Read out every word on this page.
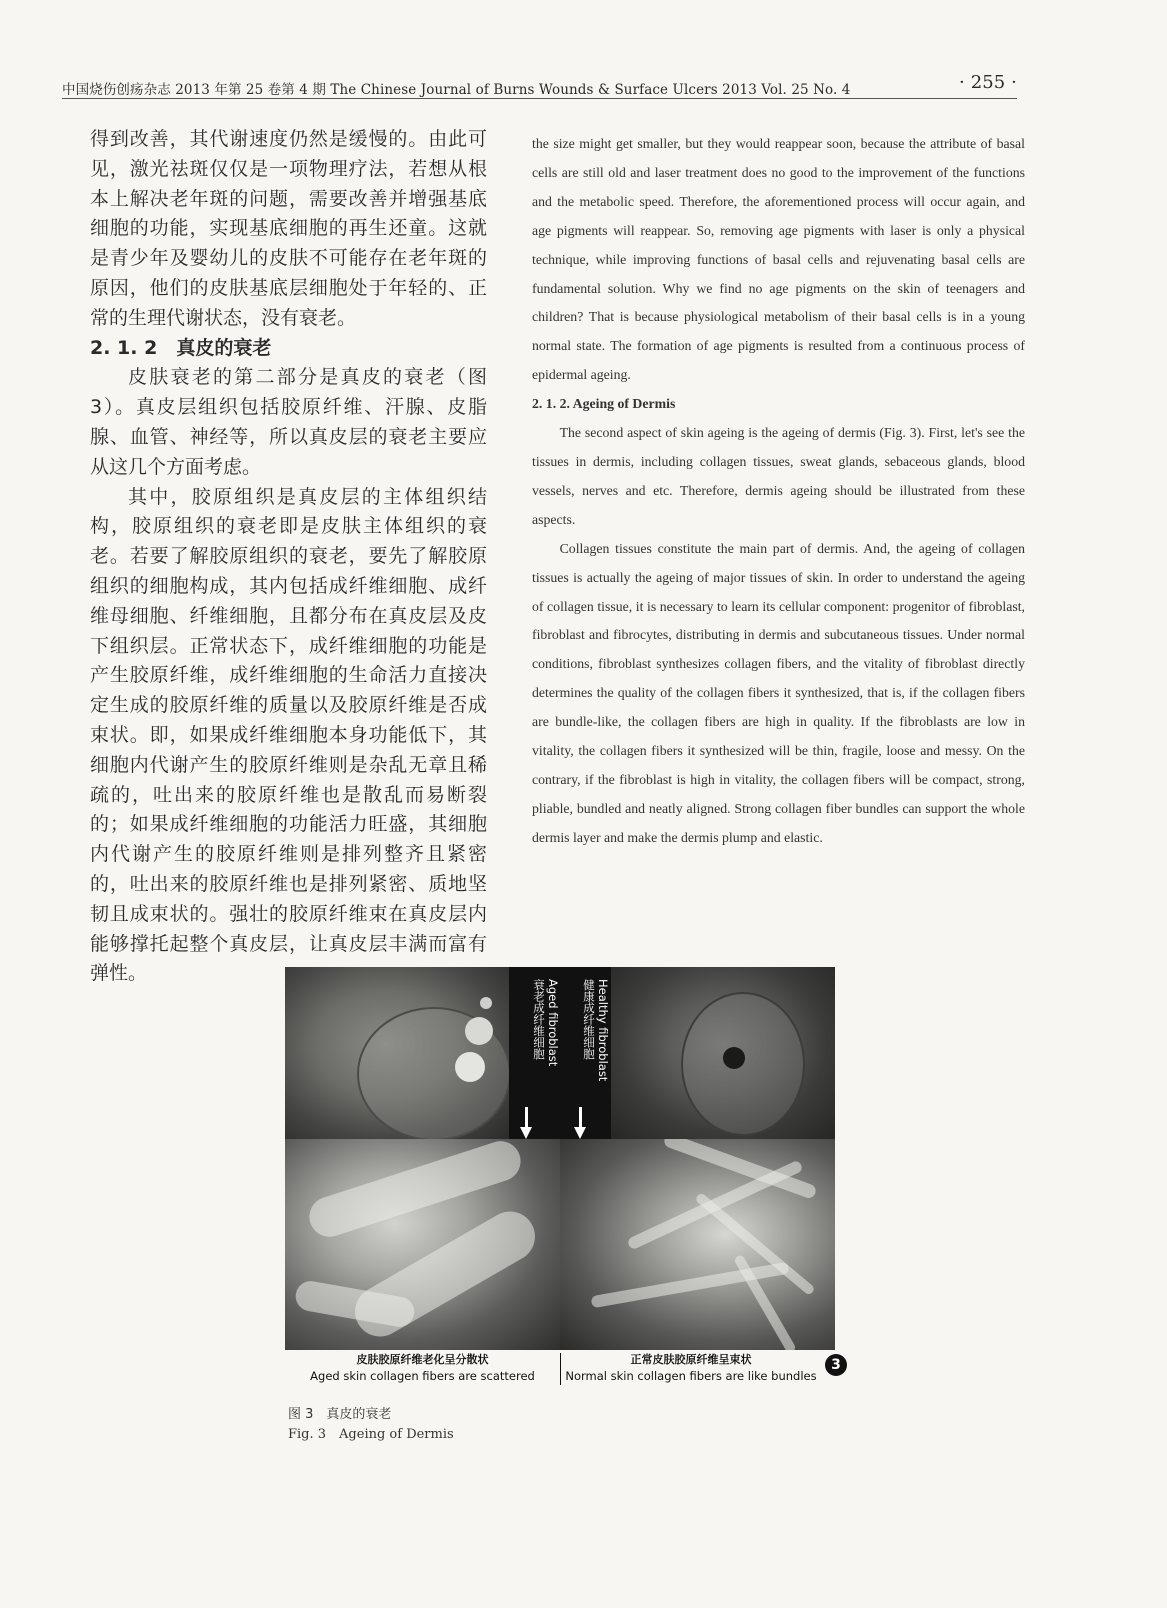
中国烧伤创疡杂志 2013 年第 25 卷第 4 期 The Chinese Journal of Burns Wounds & Surface Ulcers 2013 Vol. 25 No. 4	· 255 ·

得到改善，其代谢速度仍然是缓慢的。由此可见，激光祛斑仅仅是一项物理疗法，若想从根本上解决老年斑的问题，需要改善并增强基底细胞的功能，实现基底细胞的再生还童。这就是青少年及婴幼儿的皮肤不可能存在老年斑的原因，他们的皮肤基底层细胞处于年轻的、正常的生理代谢状态，没有衰老。

2. 1. 2　真皮的衰老

皮肤衰老的第二部分是真皮的衰老（图3）。真皮层组织包括胶原纤维、汗腺、皮脂腺、血管、神经等，所以真皮层的衰老主要应从这几个方面考虑。

其中，胶原组织是真皮层的主体组织结构，胶原组织的衰老即是皮肤主体组织的衰老。若要了解胶原组织的衰老，要先了解胶原组织的细胞构成，其内包括成纤维细胞、成纤维母细胞、纤维细胞，且都分布在真皮层及皮下组织层。正常状态下，成纤维细胞的功能是产生胶原纤维，成纤维细胞的生命活力直接决定生成的胶原纤维的质量以及胶原纤维是否成束状。即，如果成纤维细胞本身功能低下，其细胞内代谢产生的胶原纤维则是杂乱无章且稀疏的，吐出来的胶原纤维也是散乱而易断裂的；如果成纤维细胞的功能活力旺盛，其细胞内代谢产生的胶原纤维则是排列整齐且紧密的，吐出来的胶原纤维也是排列紧密、质地坚韧且成束状的。强壮的胶原纤维束在真皮层内能够撑托起整个真皮层，让真皮层丰满而富有弹性。

the size might get smaller, but they would reappear soon, because the attribute of basal cells are still old and laser treatment does no good to the improvement of the functions and the metabolic speed. Therefore, the aforementioned process will occur again, and age pigments will reappear. So, removing age pigments with laser is only a physical technique, while improving functions of basal cells and rejuvenating basal cells are fundamental solution. Why we find no age pigments on the skin of teenagers and children? That is because physiological metabolism of their basal cells is in a young normal state. The formation of age pigments is resulted from a continuous process of epidermal ageing.

2. 1. 2. Ageing of Dermis

The second aspect of skin ageing is the ageing of dermis (Fig. 3). First, let's see the tissues in dermis, including collagen tissues, sweat glands, sebaceous glands, blood vessels, nerves and etc. Therefore, dermis ageing should be illustrated from these aspects.

Collagen tissues constitute the main part of dermis. And, the ageing of collagen tissues is actually the ageing of major tissues of skin. In order to understand the ageing of collagen tissue, it is necessary to learn its cellular component: progenitor of fibroblast, fibroblast and fibrocytes, distributing in dermis and subcutaneous tissues. Under normal conditions, fibroblast synthesizes collagen fibers, and the vitality of fibroblast directly determines the quality of the collagen fibers it synthesized, that is, if the collagen fibers are bundle-like, the collagen fibers are high in quality. If the fibroblasts are low in vitality, the collagen fibers it synthesized will be thin, fragile, loose and messy. On the contrary, if the fibroblast is high in vitality, the collagen fibers will be compact, strong, pliable, bundled and neatly aligned. Strong collagen fiber bundles can support the whole dermis layer and make the dermis plump and elastic.

Aged fibroblast
衰老成纤维细胞	健康成纤维细胞 Healthy fibroblast
皮肤胶原纤维老化呈分散状
Aged skin collagen fibers are scattered
正常皮肤胶原纤维呈束状
Normal skin collagen fibers are like bundles
3
图 3　真皮的衰老
Fig. 3　Ageing of Dermis
